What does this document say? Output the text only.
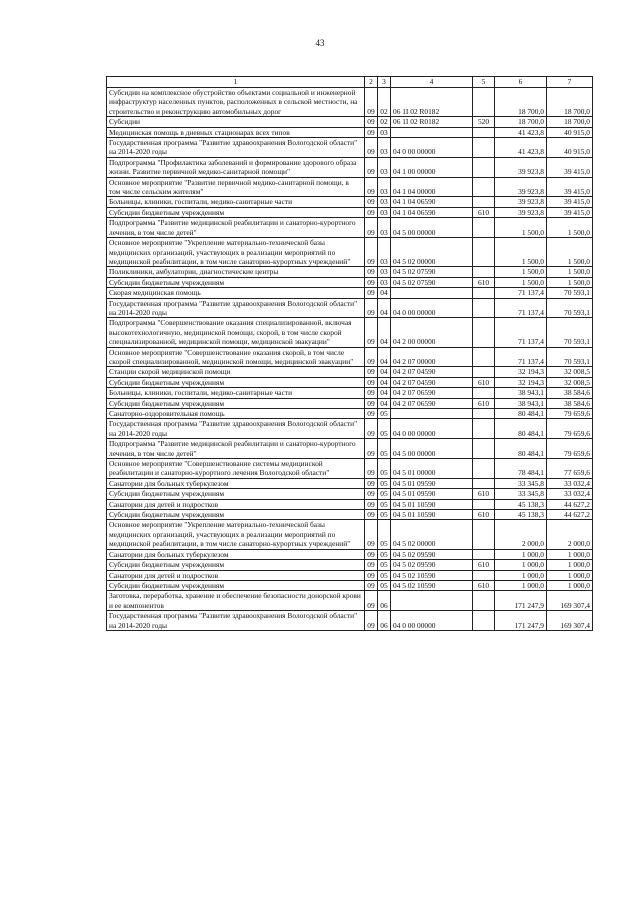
43
1	2	3	4	5	6	7
Субсидии на комплексное обустройство объектами социальной и инженерной инфраструктур населенных пунктов, расположенных в сельской местности, на строительство и реконструкцию автомобильных дорог	09	02	06 1I 02 R0182		18 700,0	18 700,0
Субсидии	09	02	06 1I 02 R0182	520	18 700,0	18 700,0
Медицинская помощь в дневных стационарах всех типов	09	03			41 423,8	40 915,0
Государственная программа "Развитие здравоохранения Вологодской области" на 2014-2020 годы	09	03	04 0 00 00000		41 423,8	40 915,0
Подпрограмма "Профилактика заболеваний и формирование здорового образа жизни. Развитие первичной медико-санитарной помощи"	09	03	04 1 00 00000		39 923,8	39 415,0
Основное мероприятие "Развитие первичной медико-санитарной помощи, в том числе сельским жителям"	09	03	04 1 04 00000		39 923,8	39 415,0
Больницы, клиники, госпитали, медико-санитарные части	09	03	04 1 04 06590		39 923,8	39 415,0
Субсидии бюджетным учреждениям	09	03	04 1 04 06590	610	39 923,8	39 415,0
Подпрограмма "Развитие медицинской реабилитации и санаторно-курортного лечения, в том числе детей"	09	03	04 5 00 00000		1 500,0	1 500,0
Основное мероприятие "Укрепление материально-технической базы медицинских организаций, участвующих в реализации мероприятий по медицинской реабилитации, в том числе санаторно-курортных учреждений"	09	03	04 5 02 00000		1 500,0	1 500,0
Поликлиники, амбулатории, диагностические центры	09	03	04 5 02 07590		1 500,0	1 500,0
Субсидии бюджетным учреждениям	09	03	04 5 02 07590	610	1 500,0	1 500,0
Скорая медицинская помощь	09	04			71 137,4	70 593,1
Государственная программа "Развитие здравоохранения Вологодской области" на 2014-2020 годы	09	04	04 0 00 00000		71 137,4	70 593,1
Подпрограмма "Совершенствование оказания специализированной, включая высокотехнологичную, медицинской помощи, скорой, в том числе скорой специализированной, медицинской помощи, медицинской эвакуации"	09	04	04 2 00 00000		71 137,4	70 593,1
Основное мероприятие "Совершенствование оказания скорой, в том числе скорой специализированной, медицинской помощи, медицинской эвакуации"	09	04	04 2 07 00000		71 137,4	70 593,1
Станции скорой медицинской помощи	09	04	04 2 07 04590		32 194,3	32 008,5
Субсидии бюджетным учреждениям	09	04	04 2 07 04590	610	32 194,3	32 008,5
Больницы, клиники, госпитали, медико-санитарные части	09	04	04 2 07 06590		38 943,1	38 584,6
Субсидии бюджетным учреждениям	09	04	04 2 07 06590	610	38 943,1	38 584,6
Санаторно-оздоровительная помощь	09	05			80 484,1	79 659,6
Государственная программа "Развитие здравоохранения Вологодской области" на 2014-2020 годы	09	05	04 0 00 00000		80 484,1	79 659,6
Подпрограмма "Развитие медицинской реабилитации и санаторно-курортного лечения, в том числе детей"	09	05	04 5 00 00000		80 484,1	79 659,6
Основное мероприятие "Совершенствование системы медицинской реабилитации и санаторно-курортного лечения Вологодской области"	09	05	04 5 01 00000		78 484,1	77 659,6
Санатории для больных туберкулезом	09	05	04 5 01 09590		33 345,8	33 032,4
Субсидии бюджетным учреждениям	09	05	04 5 01 09590	610	33 345,8	33 032,4
Санатории для детей и подростков	09	05	04 5 01 10590		45 138,3	44 627,2
Субсидии бюджетным учреждениям	09	05	04 5 01 10590	610	45 138,3	44 627,2
Основное мероприятие "Укрепление материально-технической базы медицинских организаций, участвующих в реализации мероприятий по медицинской реабилитации, в том числе санаторно-курортных учреждений"	09	05	04 5 02 00000		2 000,0	2 000,0
Санатории для больных туберкулезом	09	05	04 5 02 09590		1 000,0	1 000,0
Субсидии бюджетным учреждениям	09	05	04 5 02 09590	610	1 000,0	1 000,0
Санатории для детей и подростков	09	05	04 5 02 10590		1 000,0	1 000,0
Субсидии бюджетным учреждениям	09	05	04 5 02 10590	610	1 000,0	1 000,0
Заготовка, переработка, хранение и обеспечение безопасности донорской крови и ее компонентов	09	06			171 247,9	169 307,4
Государственная программа "Развитие здравоохранения Вологодской области" на 2014-2020 годы	09	06	04 0 00 00000		171 247,9	169 307,4
